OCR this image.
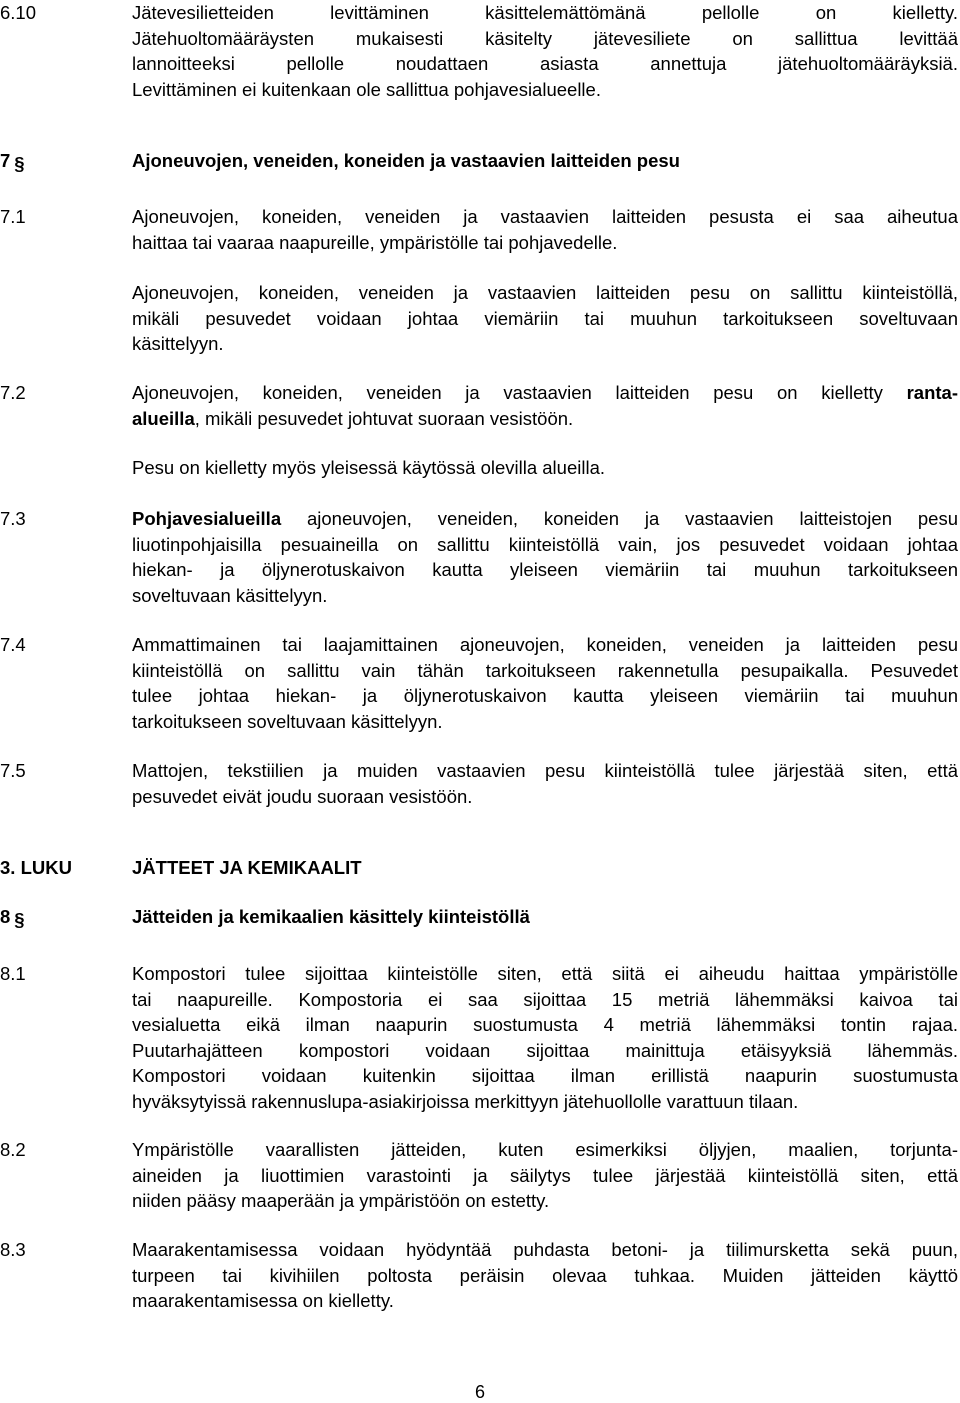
6.10	Jätevesilietteiden levittäminen käsittelemättömänä pellolle on kielletty.
Jätehuoltomääräysten mukaisesti käsitelty jätevesiliete on sallittua levittää
lannoitteeksi pellolle noudattaen asiasta annettuja jätehuoltomääräyksiä.
Levittäminen ei kuitenkaan ole sallittua pohjavesialueelle.
7 §	Ajoneuvojen, veneiden, koneiden ja vastaavien laitteiden pesu
7.1	Ajoneuvojen, koneiden, veneiden ja vastaavien laitteiden pesusta ei saa aiheutua
haittaa tai vaaraa naapureille, ympäristölle tai pohjavedelle.
Ajoneuvojen, koneiden, veneiden ja vastaavien laitteiden pesu on sallittu kiinteistöllä,
mikäli pesuvedet voidaan johtaa viemäriin tai muuhun tarkoitukseen soveltuvaan
käsittelyyn.
7.2	Ajoneuvojen, koneiden, veneiden ja vastaavien laitteiden pesu on kielletty ranta-
alueilla, mikäli pesuvedet johtuvat suoraan vesistöön.
Pesu on kielletty myös yleisessä käytössä olevilla alueilla.
7.3	Pohjavesialueilla ajoneuvojen, veneiden, koneiden ja vastaavien laitteistojen pesu
liuotinpohjaisilla pesuaineilla on sallittu kiinteistöllä vain, jos pesuvedet voidaan johtaa
hiekan- ja öljynerotuskaivon kautta yleiseen viemäriin tai muuhun tarkoitukseen
soveltuvaan käsittelyyn.
7.4	Ammattimainen tai laajamittainen ajoneuvojen, koneiden, veneiden ja laitteiden pesu
kiinteistöllä on sallittu vain tähän tarkoitukseen rakennetulla pesupaikalla. Pesuvedet
tulee johtaa hiekan- ja öljynerotuskaivon kautta yleiseen viemäriin tai muuhun
tarkoitukseen soveltuvaan käsittelyyn.
7.5	Mattojen, tekstiilien ja muiden vastaavien pesu kiinteistöllä tulee järjestää siten, että
pesuvedet eivät joudu suoraan vesistöön.
3. LUKU	JÄTTEET JA KEMIKAALIT
8 §	Jätteiden ja kemikaalien käsittely kiinteistöllä
8.1	Kompostori tulee sijoittaa kiinteistölle siten, että siitä ei aiheudu haittaa ympäristölle
tai naapureille. Kompostoria ei saa sijoittaa 15 metriä lähemmäksi kaivoa tai
vesialuetta eikä ilman naapurin suostumusta 4 metriä lähemmäksi tontin rajaa.
Puutarhajätteen kompostori voidaan sijoittaa mainittuja etäisyyksiä lähemmäs.
Kompostori voidaan kuitenkin sijoittaa ilman erillistä naapurin suostumusta
hyväksytyissä rakennuslupa-asiakirjoissa merkittyyn jätehuollolle varattuun tilaan.
8.2	Ympäristölle vaarallisten jätteiden, kuten esimerkiksi öljyjen, maalien, torjunta-
aineiden ja liuottimien varastointi ja säilytys tulee järjestää kiinteistöllä siten, että
niiden pääsy maaperään ja ympäristöön on estetty.
8.3	Maarakentamisessa voidaan hyödyntää puhdasta betoni- ja tiilimursketta sekä puun,
turpeen tai kivihiilen poltosta peräisin olevaa tuhkaa. Muiden jätteiden käyttö
maarakentamisessa on kielletty.
6
